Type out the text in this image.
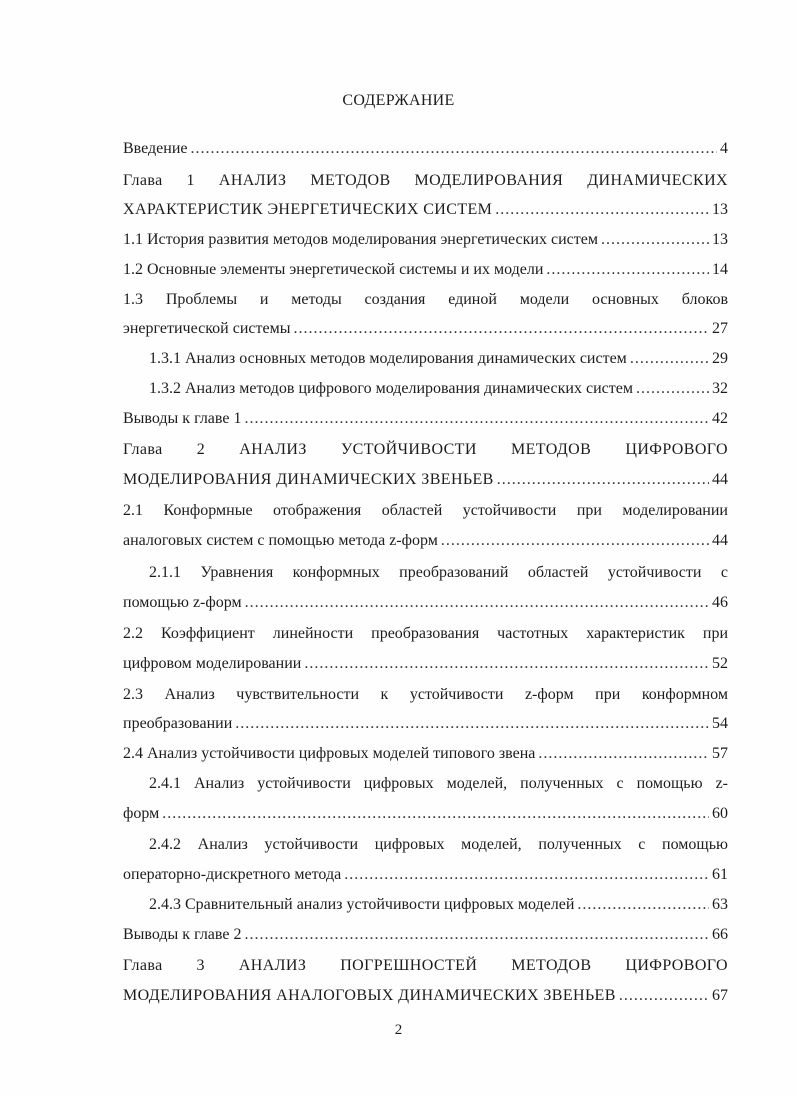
СОДЕРЖАНИЕ
Введение .....	4
Глава 1 АНАЛИЗ МЕТОДОВ МОДЕЛИРОВАНИЯ ДИНАМИЧЕСКИХ
ХАРАКТЕРИСТИК ЭНЕРГЕТИЧЕСКИХ СИСТЕМ .....	13
1.1 История развития методов моделирования энергетических систем .....	13
1.2 Основные элементы энергетической системы и их модели .....	14
1.3 Проблемы и методы создания единой модели основных блоков
энергетической системы .....	27
1.3.1 Анализ основных методов моделирования динамических систем .....	29
1.3.2 Анализ методов цифрового моделирования динамических систем .....	32
Выводы к главе 1 .....	42
Глава 2 АНАЛИЗ УСТОЙЧИВОСТИ МЕТОДОВ ЦИФРОВОГО
МОДЕЛИРОВАНИЯ ДИНАМИЧЕСКИХ ЗВЕНЬЕВ .....	44
2.1 Конформные отображения областей устойчивости при моделировании
аналоговых систем с помощью метода z-форм .....	44
2.1.1 Уравнения конформных преобразований областей устойчивости с
помощью z-форм .....	46
2.2 Коэффициент линейности преобразования частотных характеристик при
цифровом моделировании .....	52
2.3 Анализ чувствительности к устойчивости z-форм при конформном
преобразовании .....	54
2.4 Анализ устойчивости цифровых моделей типового звена .....	57
2.4.1 Анализ устойчивости цифровых моделей, полученных с помощью z-
форм .....	60
2.4.2 Анализ устойчивости цифровых моделей, полученных с помощью
операторно-дискретного метода .....	61
2.4.3 Сравнительный анализ устойчивости цифровых моделей .....	63
Выводы к главе 2 .....	66
Глава 3 АНАЛИЗ ПОГРЕШНОСТЕЙ МЕТОДОВ ЦИФРОВОГО
МОДЕЛИРОВАНИЯ АНАЛОГОВЫХ ДИНАМИЧЕСКИХ ЗВЕНЬЕВ .....	67
2
